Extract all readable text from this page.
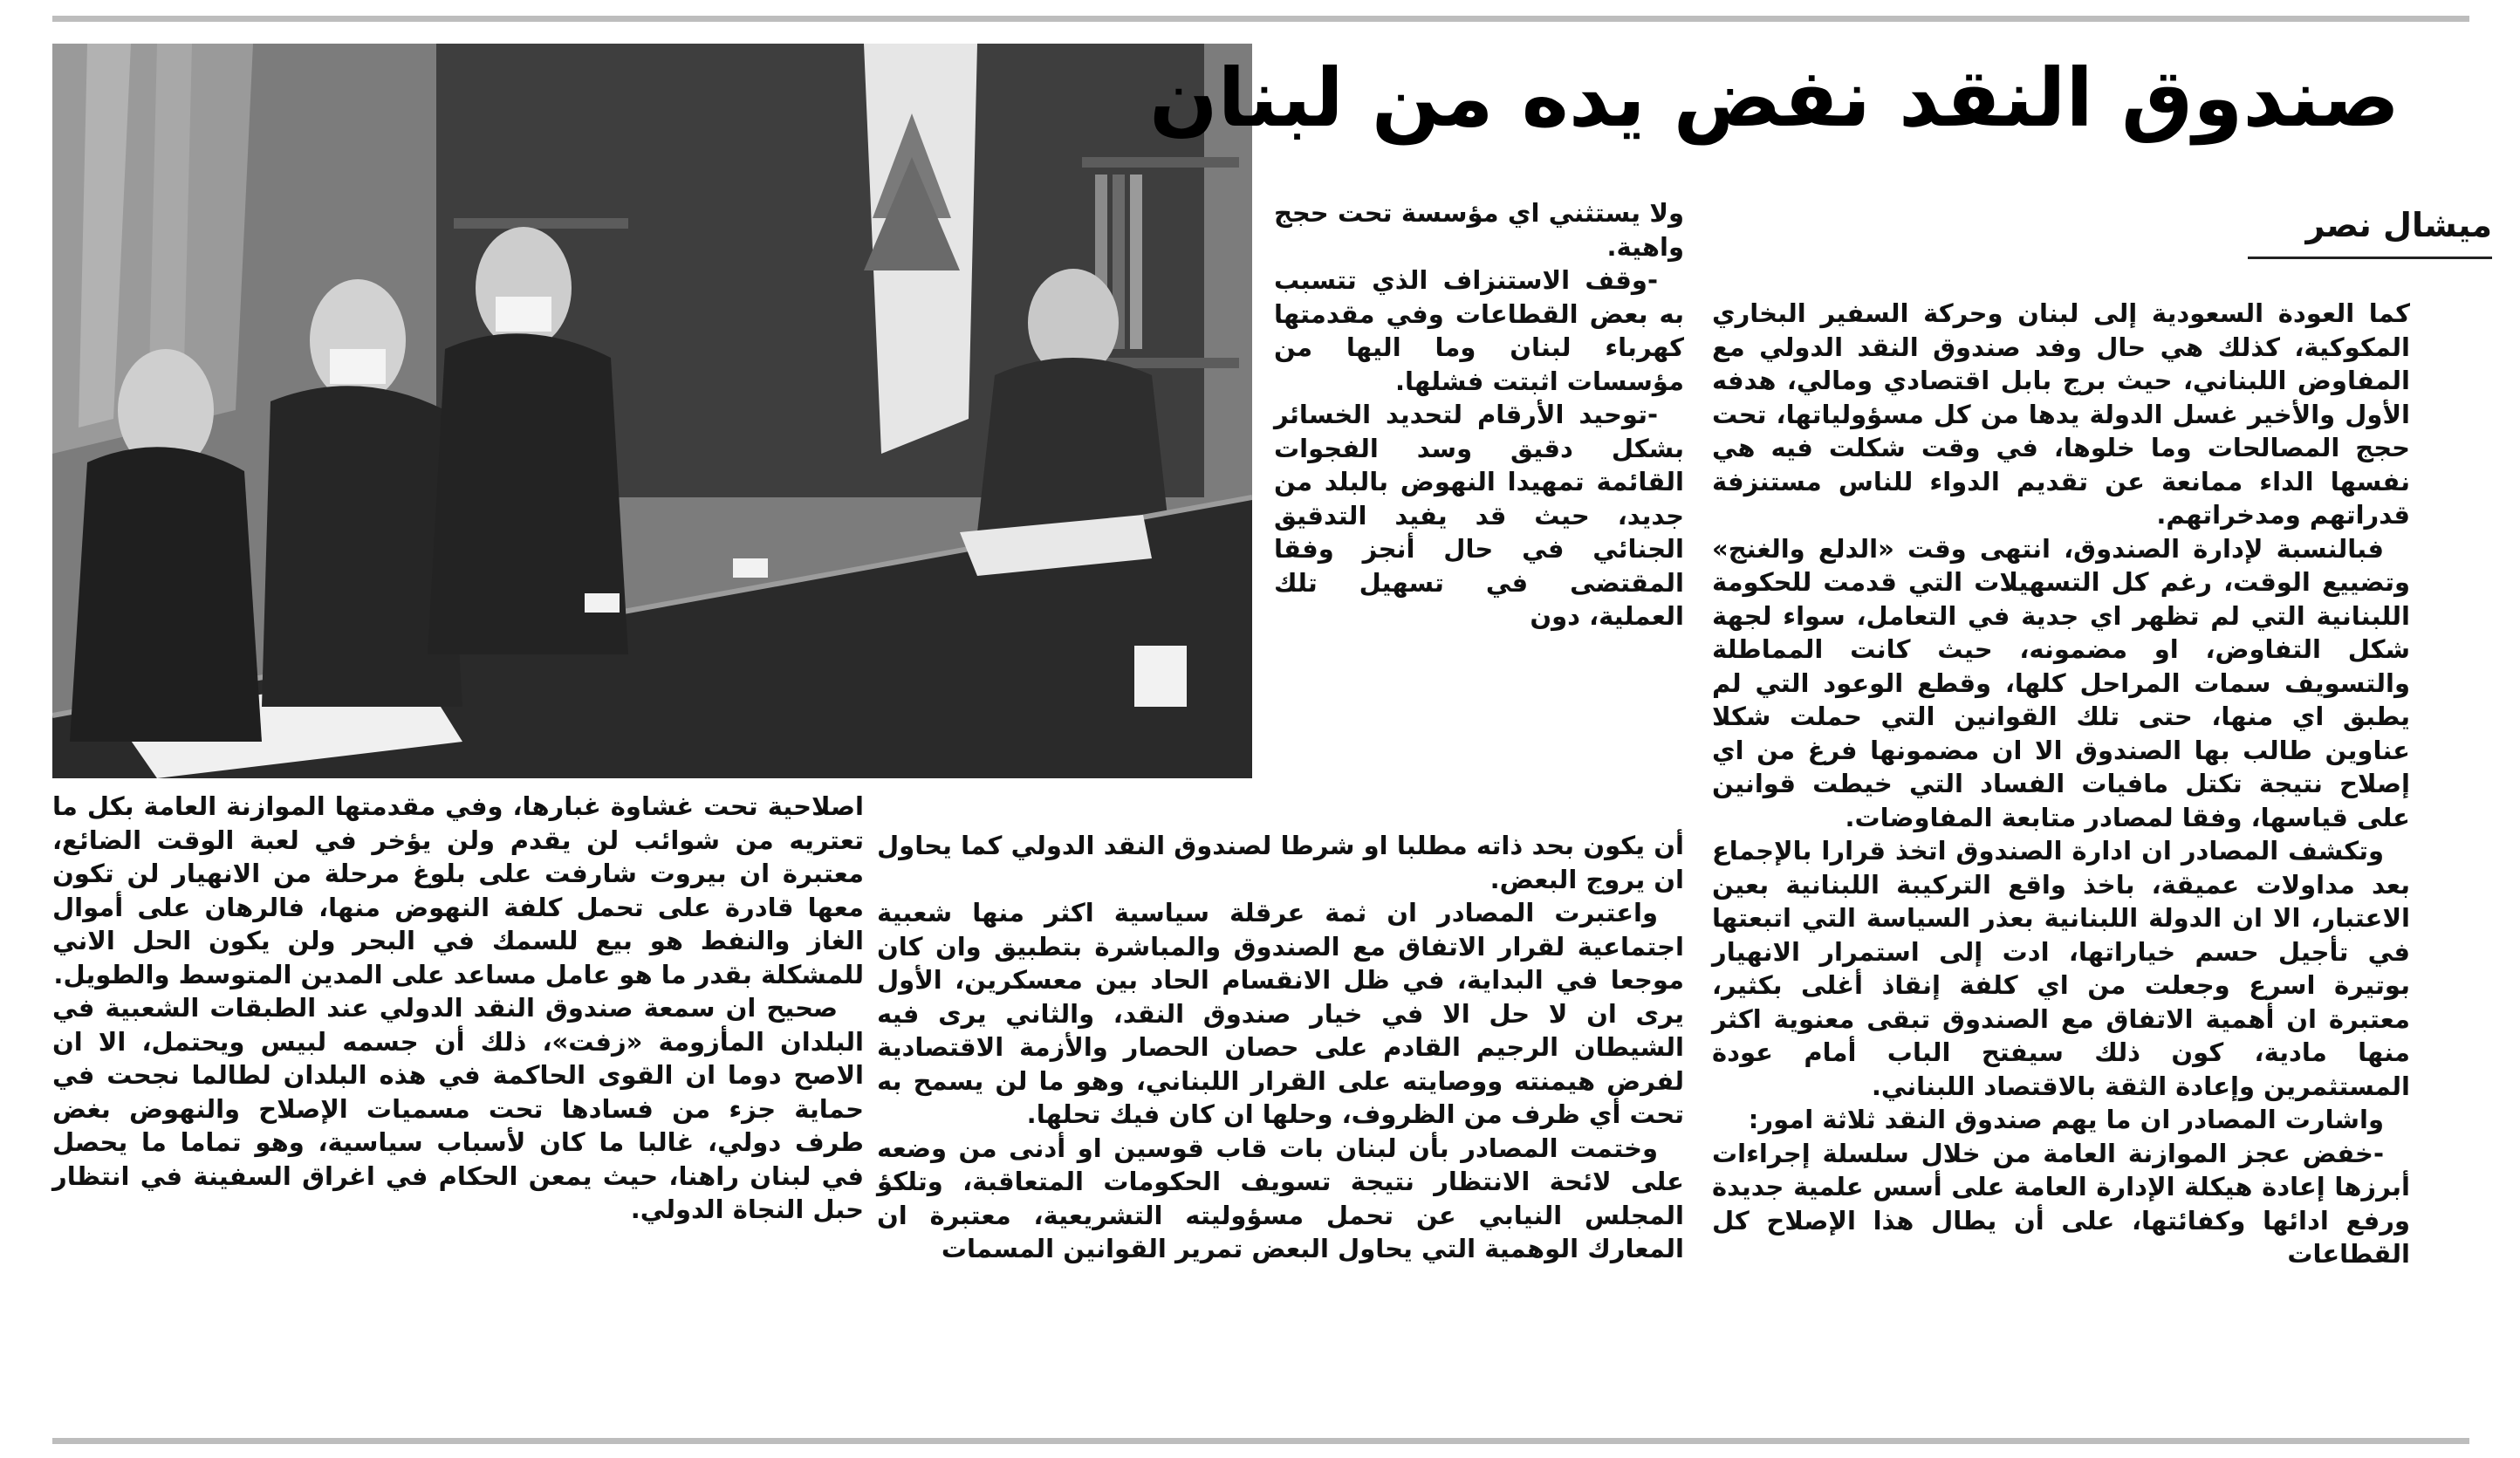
صندوق النقد نفض يده من لبنان
ميشال نصر

كما العودة السعودية إلى لبنان وحركة السفير البخاري المكوكية، كذلك هي حال وفد صندوق النقد الدولي مع المفاوض اللبناني، حيث برج بابل اقتصادي ومالي، هدفه الأول والأخير غسل الدولة يدها من كل مسؤولياتها، تحت حجج المصالحات وما خلوها، في وقت شكلت فيه هي نفسها الداء ممانعة عن تقديم الدواء للناس مستنزفة قدراتهم ومدخراتهم.

فبالنسبة لإدارة الصندوق، انتهى وقت «الدلع والغنج» وتضييع الوقت، رغم كل التسهيلات التي قدمت للحكومة اللبنانية التي لم تظهر اي جدية في التعامل، سواء لجهة شكل التفاوض، او مضمونه، حيث كانت المماطلة والتسويف سمات المراحل كلها، وقطع الوعود التي لم يطبق اي منها، حتى تلك القوانين التي حملت شكلا عناوين طالب بها الصندوق الا ان مضمونها فرغ من اي إصلاح نتيجة تكتل مافيات الفساد التي خيطت قوانين على قياسها، وفقا لمصادر متابعة المفاوضات.

وتكشف المصادر ان ادارة الصندوق اتخذ قرارا بالإجماع بعد مداولات عميقة، باخذ واقع التركيبة اللبنانية بعين الاعتبار، الا ان الدولة اللبنانية بعذر السياسة التي اتبعتها في تأجيل حسم خياراتها، ادت إلى استمرار الانهيار بوتيرة اسرع وجعلت من اي كلفة إنقاذ أغلى بكثير، معتبرة ان أهمية الاتفاق مع الصندوق تبقى معنوية اكثر منها مادية، كون ذلك سيفتح الباب أمام عودة المستثمرين وإعادة الثقة بالاقتصاد اللبناني.

واشارت المصادر ان ما يهم صندوق النقد ثلاثة امور:

-خفض عجز الموازنة العامة من خلال سلسلة إجراءات أبرزها إعادة هيكلة الإدارة العامة على أسس علمية جديدة ورفع ادائها وكفائتها، على أن يطال هذا الإصلاح كل القطاعات

ولا يستثني اي مؤسسة تحت حجج واهية.

-وقف الاستنزاف الذي تتسبب به بعض القطاعات وفي مقدمتها كهرباء لبنان وما اليها من مؤسسات اثبتت فشلها.

-توحيد الأرقام لتحديد الخسائر بشكل دقيق وسد الفجوات القائمة تمهيدا النهوض بالبلد من جديد، حيث قد يفيد التدقيق الجنائي في حال أنجز وفقا المقتضى في تسهيل تلك العملية، دون

أن يكون بحد ذاته مطلبا او شرطا لصندوق النقد الدولي كما يحاول ان يروج البعض.

واعتبرت المصادر ان ثمة عرقلة سياسية اكثر منها شعبية اجتماعية لقرار الاتفاق مع الصندوق والمباشرة بتطبيق وان كان موجعا في البداية، في ظل الانقسام الحاد بين معسكرين، الأول يرى ان لا حل الا في خيار صندوق النقد، والثاني يرى فيه الشيطان الرجيم القادم على حصان الحصار والأزمة الاقتصادية لفرض هيمنته ووصايته على القرار اللبناني، وهو ما لن يسمح به تحت أي ظرف من الظروف، وحلها ان كان فيك تحلها.

وختمت المصادر بأن لبنان بات قاب قوسين او أدنى من وضعه على لائحة الانتظار نتيجة تسويف الحكومات المتعاقبة، وتلكؤ المجلس النيابي عن تحمل مسؤوليته التشريعية، معتبرة ان المعارك الوهمية التي يحاول البعض تمرير القوانين المسمات

اصلاحية تحت غشاوة غبارها، وفي مقدمتها الموازنة العامة بكل ما تعتريه من شوائب لن يقدم ولن يؤخر في لعبة الوقت الضائع، معتبرة ان بيروت شارفت على بلوغ مرحلة من الانهيار لن تكون معها قادرة على تحمل كلفة النهوض منها، فالرهان على أموال الغاز والنفط هو بيع للسمك في البحر ولن يكون الحل الاني للمشكلة بقدر ما هو عامل مساعد على المدين المتوسط والطويل.

صحيح ان سمعة صندوق النقد الدولي عند الطبقات الشعبية في البلدان المأزومة «زفت»، ذلك أن جسمه لبيس ويحتمل، الا ان الاصح دوما ان القوى الحاكمة في هذه البلدان لطالما نجحت في حماية جزء من فسادها تحت مسميات الإصلاح والنهوض بغض طرف دولي، غالبا ما كان لأسباب سياسية، وهو تماما ما يحصل في لبنان راهنا، حيث يمعن الحكام في اغراق السفينة في انتظار حبل النجاة الدولي.
